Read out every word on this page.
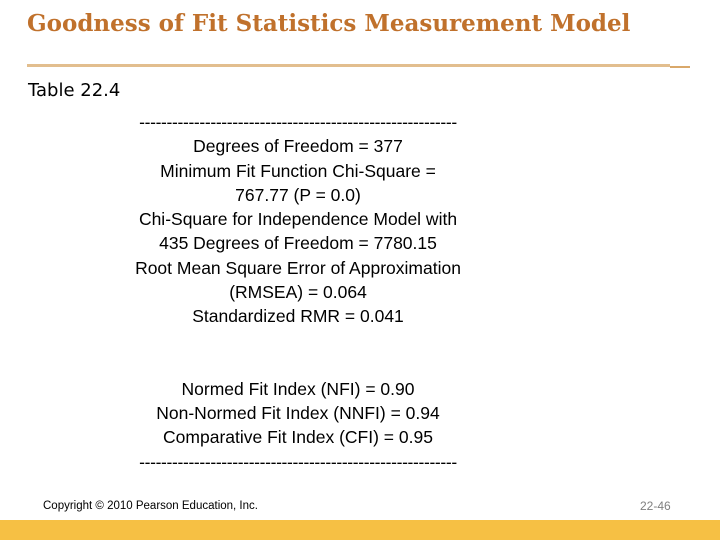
Goodness of Fit Statistics Measurement Model
Table 22.4
----------------------------------------------------------
Degrees of Freedom = 377
Minimum Fit Function Chi-Square =
767.77 (P = 0.0)
Chi-Square for Independence Model with
435 Degrees of Freedom = 7780.15
Root Mean Square Error of Approximation
(RMSEA) = 0.064
Standardized RMR = 0.041
Normed Fit Index (NFI) = 0.90
Non-Normed Fit Index (NNFI) = 0.94
Comparative Fit Index (CFI) = 0.95
----------------------------------------------------------
Copyright © 2010 Pearson Education, Inc.	22-46
